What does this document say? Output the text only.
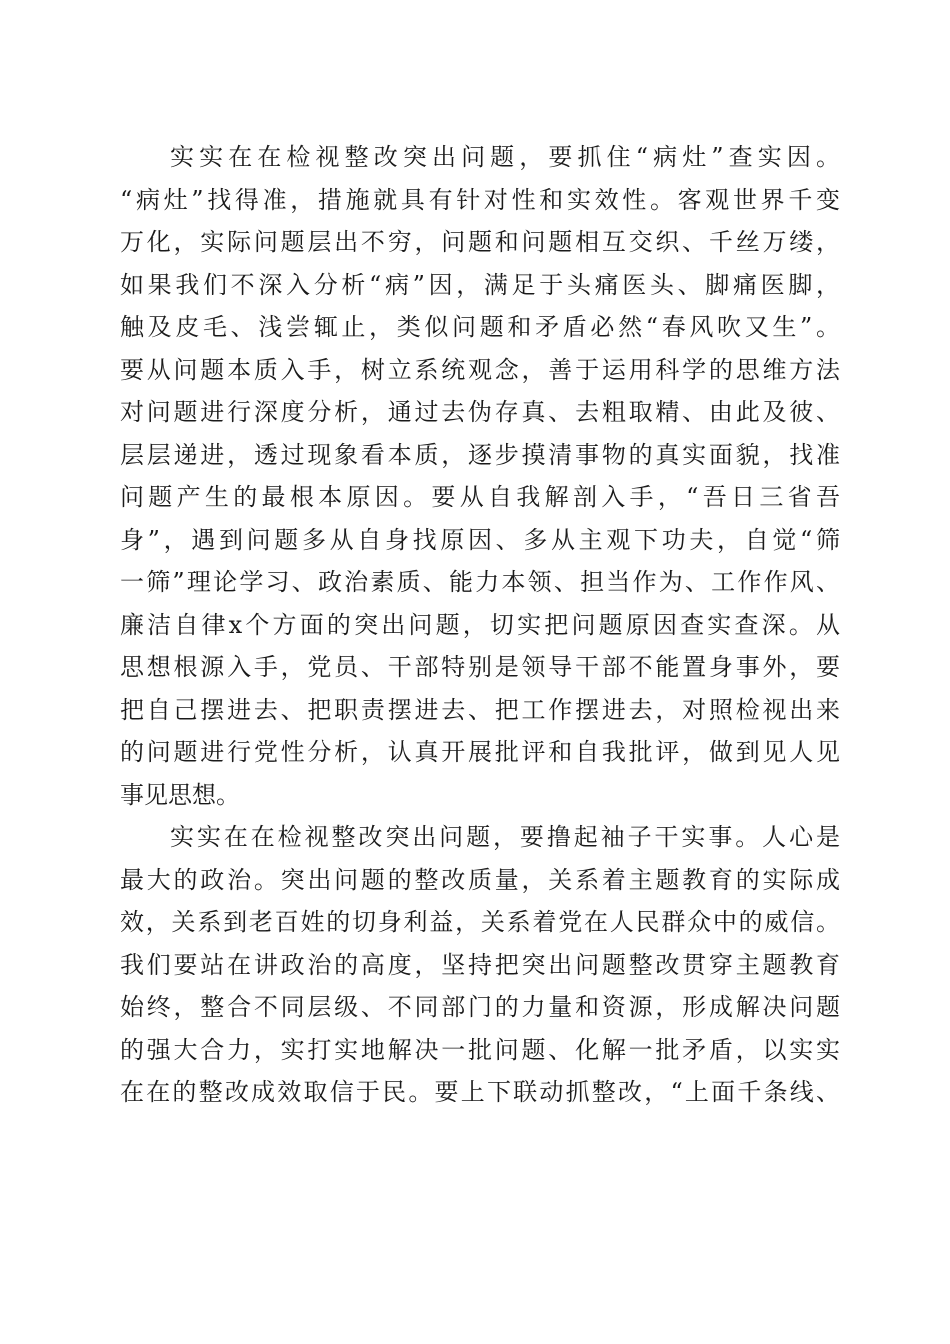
实实在在检视整改突出问题，要抓住“病灶”查实因。
“病灶”找得准，措施就具有针对性和实效性。客观世界千变
万化，实际问题层出不穷，问题和问题相互交织、千丝万缕，
如果我们不深入分析“病”因，满足于头痛医头、脚痛医脚，
触及皮毛、浅尝辄止，类似问题和矛盾必然“春风吹又生”。
要从问题本质入手，树立系统观念，善于运用科学的思维方法
对问题进行深度分析，通过去伪存真、去粗取精、由此及彼、
层层递进，透过现象看本质，逐步摸清事物的真实面貌，找准
问题产生的最根本原因。要从自我解剖入手，“吾日三省吾
身”，遇到问题多从自身找原因、多从主观下功夫，自觉“筛
一筛”理论学习、政治素质、能力本领、担当作为、工作作风、
廉洁自律x个方面的突出问题，切实把问题原因查实查深。从
思想根源入手，党员、干部特别是领导干部不能置身事外，要
把自己摆进去、把职责摆进去、把工作摆进去，对照检视出来
的问题进行党性分析，认真开展批评和自我批评，做到见人见
事见思想。
实实在在检视整改突出问题，要撸起袖子干实事。人心是
最大的政治。突出问题的整改质量，关系着主题教育的实际成
效，关系到老百姓的切身利益，关系着党在人民群众中的威信。
我们要站在讲政治的高度，坚持把突出问题整改贯穿主题教育
始终，整合不同层级、不同部门的力量和资源，形成解决问题
的强大合力，实打实地解决一批问题、化解一批矛盾，以实实
在在的整改成效取信于民。要上下联动抓整改，“上面千条线、
